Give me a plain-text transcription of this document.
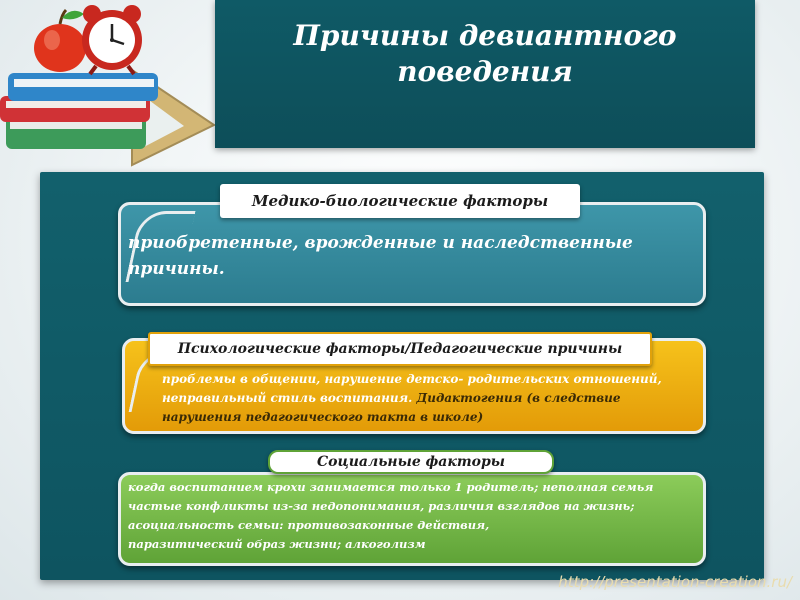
Причины девиантного поведения
приобретенные, врожденные и наследственные причины.
Медико-биологические факторы
проблемы в общении, нарушение детско- родительских отношений, неправильный стиль воспитания. Дидактогения (в следствие нарушения педагогического такта в школе)
Психологические факторы/Педагогические причины
когда воспитанием крохи занимается только 1 родитель; неполная семья
частые конфликты из-за недопонимания, различия взглядов на жизнь;
асоциальность семьи: противозаконные действия,
паразитический образ жизни; алкоголизм
Социальные факторы
http://presentation-creation.ru/
